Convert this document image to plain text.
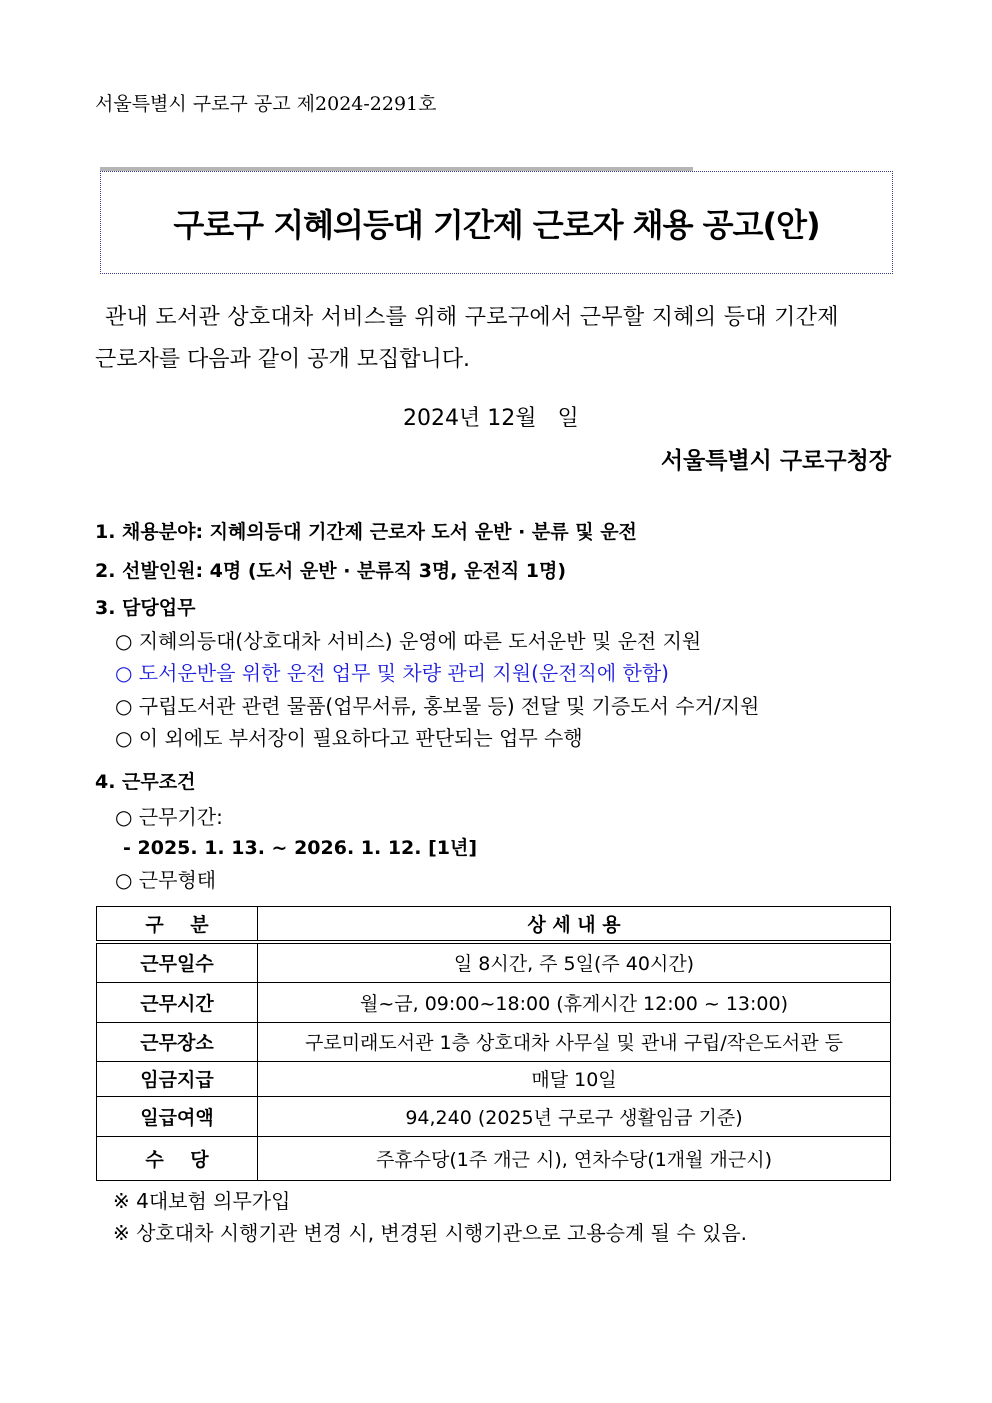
서울특별시 구로구 공고 제2024-2291호
구로구 지혜의등대 기간제 근로자 채용 공고(안)
관내 도서관 상호대차 서비스를 위해 구로구에서 근무할 지혜의 등대 기간제
근로자를 다음과 같이 공개 모집합니다.
2024년 12월   일
서울특별시 구로구청장
1. 채용분야: 지혜의등대 기간제 근로자 도서 운반 · 분류 및 운전
2. 선발인원: 4명 (도서 운반 · 분류직 3명, 운전직 1명)
3. 담당업무
○ 지혜의등대(상호대차 서비스) 운영에 따른 도서운반 및 운전 지원
○ 도서운반을 위한 운전 업무 및 차량 관리 지원(운전직에 한함)
○ 구립도서관 관련 물품(업무서류, 홍보물 등) 전달 및 기증도서 수거/지원
○ 이 외에도 부서장이 필요하다고 판단되는 업무 수행
4. 근무조건
○ 근무기간:
- 2025. 1. 13. ~ 2026. 1. 12. [1년]
○ 근무형태
구    분	상 세 내 용
근무일수	일 8시간, 주 5일(주 40시간)
근무시간	월~금, 09:00~18:00 (휴게시간 12:00 ~ 13:00)
근무장소	구로미래도서관 1층 상호대차 사무실 및 관내 구립/작은도서관 등
임금지급	매달 10일
일급여액	94,240 (2025년 구로구 생활임금 기준)
수    당	주휴수당(1주 개근 시), 연차수당(1개월 개근시)
※ 4대보험 의무가입
※ 상호대차 시행기관 변경 시, 변경된 시행기관으로 고용승계 될 수 있음.
